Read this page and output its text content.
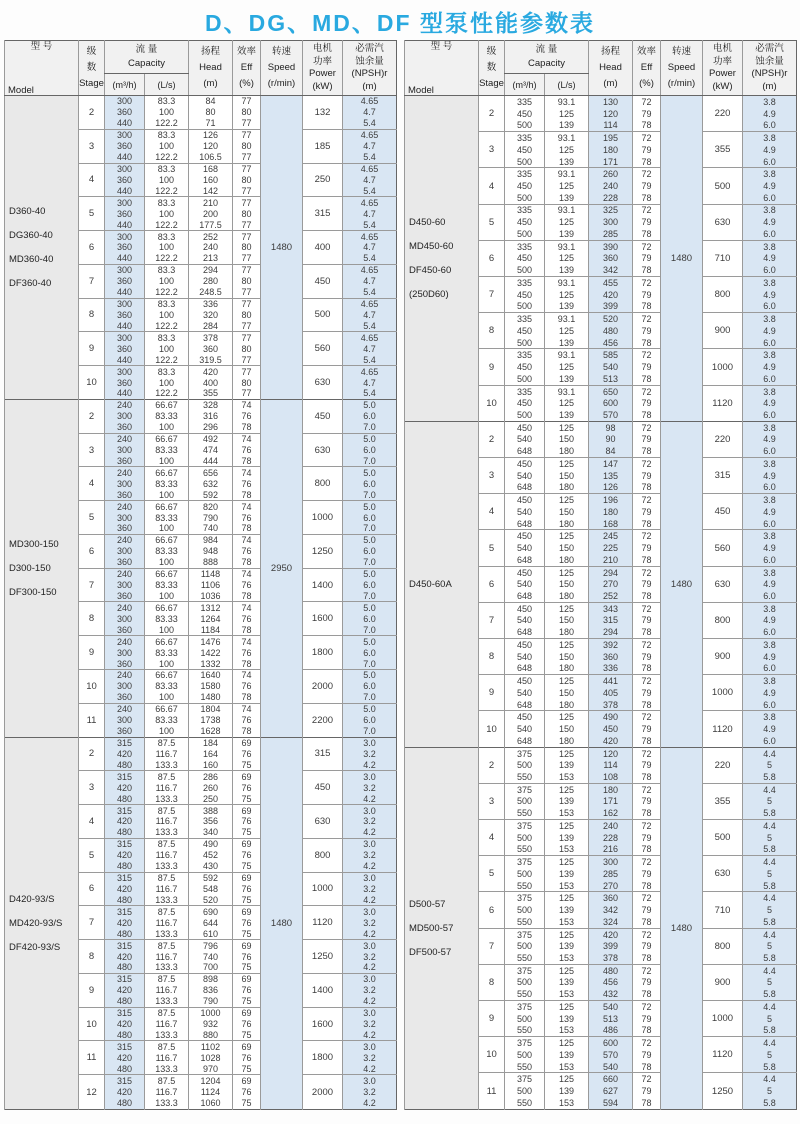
D、DG、MD、DF 型泵性能参数表
型 号
Model

级
数
Stage

流 量
Capacity

扬程
Head
(m)

效率
Eff
(%)

转速
Speed
(r/min)

电机
功率
Power
(kW)

必需汽
蚀余量
(NPSH)r
(m)

		(m³/h)	(L/s)					

D360-40
DG360-40
MD360-40
DF360-40	2	300	83.3	84	77	1480	132	4.65
		360	100	80	80			4.7
		440	122.2	71	77			5.4
	3	300	83.3	126	77		185	4.65
		360	100	120	80			4.7
		440	122.2	106.5	77			5.4
	4	300	83.3	168	77		250	4.65
		360	100	160	80			4.7
		440	122.2	142	77			5.4
	5	300	83.3	210	77		315	4.65
		360	100	200	80			4.7
		440	122.2	177.5	77			5.4
	6	300	83.3	252	77		400	4.65
		360	100	240	80			4.7
		440	122.2	213	77			5.4
	7	300	83.3	294	77		450	4.65
		360	100	280	80			4.7
		440	122.2	248.5	77			5.4
	8	300	83.3	336	77		500	4.65
		360	100	320	80			4.7
		440	122.2	284	77			5.4
	9	300	83.3	378	77		560	4.65
		360	100	360	80			4.7
		440	122.2	319.5	77			5.4
	10	300	83.3	420	77		630	4.65
		360	100	400	80			4.7
		440	122.2	355	77			5.4

MD300-150
D300-150
DF300-150	2	240	66.67	328	74	2950	450	5.0
		300	83.33	316	76			6.0
		360	100	296	78			7.0
	3	240	66.67	492	74		630	5.0
		300	83.33	474	76			6.0
		360	100	444	78			7.0
	4	240	66.67	656	74		800	5.0
		300	83.33	632	76			6.0
		360	100	592	78			7.0
	5	240	66.67	820	74		1000	5.0
		300	83.33	790	76			6.0
		360	100	740	78			7.0
	6	240	66.67	984	74		1250	5.0
		300	83.33	948	76			6.0
		360	100	888	78			7.0
	7	240	66.67	1148	74		1400	5.0
		300	83.33	1106	76			6.0
		360	100	1036	78			7.0
	8	240	66.67	1312	74		1600	5.0
		300	83.33	1264	76			6.0
		360	100	1184	78			7.0
	9	240	66.67	1476	74		1800	5.0
		300	83.33	1422	76			6.0
		360	100	1332	78			7.0
	10	240	66.67	1640	74		2000	5.0
		300	83.33	1580	76			6.0
		360	100	1480	78			7.0
	11	240	66.67	1804	74		2200	5.0
		300	83.33	1738	76			6.0
		360	100	1628	78			7.0

D420-93/S
MD420-93/S
DF420-93/S	2	315	87.5	184	69	1480	315	3.0
		420	116.7	164	76			3.2
		480	133.3	160	75			4.2
	3	315	87.5	286	69		450	3.0
		420	116.7	260	76			3.2
		480	133.3	250	75			4.2
	4	315	87.5	388	69		630	3.0
		420	116.7	356	76			3.2
		480	133.3	340	75			4.2
	5	315	87.5	490	69		800	3.0
		420	116.7	452	76			3.2
		480	133.3	430	75			4.2
	6	315	87.5	592	69		1000	3.0
		420	116.7	548	76			3.2
		480	133.3	520	75			4.2
	7	315	87.5	690	69		1120	3.0
		420	116.7	644	76			3.2
		480	133.3	610	75			4.2
	8	315	87.5	796	69		1250	3.0
		420	116.7	740	76			3.2
		480	133.3	700	75			4.2
	9	315	87.5	898	69		1400	3.0
		420	116.7	836	76			3.2
		480	133.3	790	75			4.2
	10	315	87.5	1000	69		1600	3.0
		420	116.7	932	76			3.2
		480	133.3	880	75			4.2
	11	315	87.5	1102	69		1800	3.0
		420	116.7	1028	76			3.2
		480	133.3	970	75			4.2
	12	315	87.5	1204	69		2000	3.0
		420	116.7	1124	76			3.2
		480	133.3	1060	75			4.2
型 号
Model

级
数
Stage

流 量
Capacity

扬程
Head
(m)

效率
Eff
(%)

转速
Speed
(r/min)

电机
功率
Power
(kW)

必需汽
蚀余量
(NPSH)r
(m)

		(m³/h)	(L/s)					

D450-60
MD450-60
DF450-60
(250D60)	2	335	93.1	130	72	1480	220	3.8
		450	125	120	79			4.9
		500	139	114	78			6.0
	3	335	93.1	195	72		355	3.8
		450	125	180	79			4.9
		500	139	171	78			6.0
	4	335	93.1	260	72		500	3.8
		450	125	240	79			4.9
		500	139	228	78			6.0
	5	335	93.1	325	72		630	3.8
		450	125	300	79			4.9
		500	139	285	78			6.0
	6	335	93.1	390	72		710	3.8
		450	125	360	79			4.9
		500	139	342	78			6.0
	7	335	93.1	455	72		800	3.8
		450	125	420	79			4.9
		500	139	399	78			6.0
	8	335	93.1	520	72		900	3.8
		450	125	480	79			4.9
		500	139	456	78			6.0
	9	335	93.1	585	72		1000	3.8
		450	125	540	79			4.9
		500	139	513	78			6.0
	10	335	93.1	650	72		1120	3.8
		450	125	600	79			4.9
		500	139	570	78			6.0

D450-60A	2	450	125	98	72	1480	220	3.8
		540	150	90	79			4.9
		648	180	84	78			6.0
	3	450	125	147	72		315	3.8
		540	150	135	79			4.9
		648	180	126	78			6.0
	4	450	125	196	72		450	3.8
		540	150	180	79			4.9
		648	180	168	78			6.0
	5	450	125	245	72		560	3.8
		540	150	225	79			4.9
		648	180	210	78			6.0
	6	450	125	294	72		630	3.8
		540	150	270	79			4.9
		648	180	252	78			6.0
	7	450	125	343	72		800	3.8
		540	150	315	79			4.9
		648	180	294	78			6.0
	8	450	125	392	72		900	3.8
		540	150	360	79			4.9
		648	180	336	78			6.0
	9	450	125	441	72		1000	3.8
		540	150	405	79			4.9
		648	180	378	78			6.0
	10	450	125	490	72		1120	3.8
		540	150	450	79			4.9
		648	180	420	78			6.0

D500-57
MD500-57
DF500-57	2	375	125	120	72	1480	220	4.4
		500	139	114	79			5
		550	153	108	78			5.8
	3	375	125	180	72		355	4.4
		500	139	171	79			5
		550	153	162	78			5.8
	4	375	125	240	72		500	4.4
		500	139	228	79			5
		550	153	216	78			5.8
	5	375	125	300	72		630	4.4
		500	139	285	79			5
		550	153	270	78			5.8
	6	375	125	360	72		710	4.4
		500	139	342	79			5
		550	153	324	78			5.8
	7	375	125	420	72		800	4.4
		500	139	399	79			5
		550	153	378	78			5.8
	8	375	125	480	72		900	4.4
		500	139	456	79			5
		550	153	432	78			5.8
	9	375	125	540	72		1000	4.4
		500	139	513	79			5
		550	153	486	78			5.8
	10	375	125	600	72		1120	4.4
		500	139	570	79			5
		550	153	540	78			5.8
	11	375	125	660	72		1250	4.4
		500	139	627	79			5
		550	153	594	78			5.8
